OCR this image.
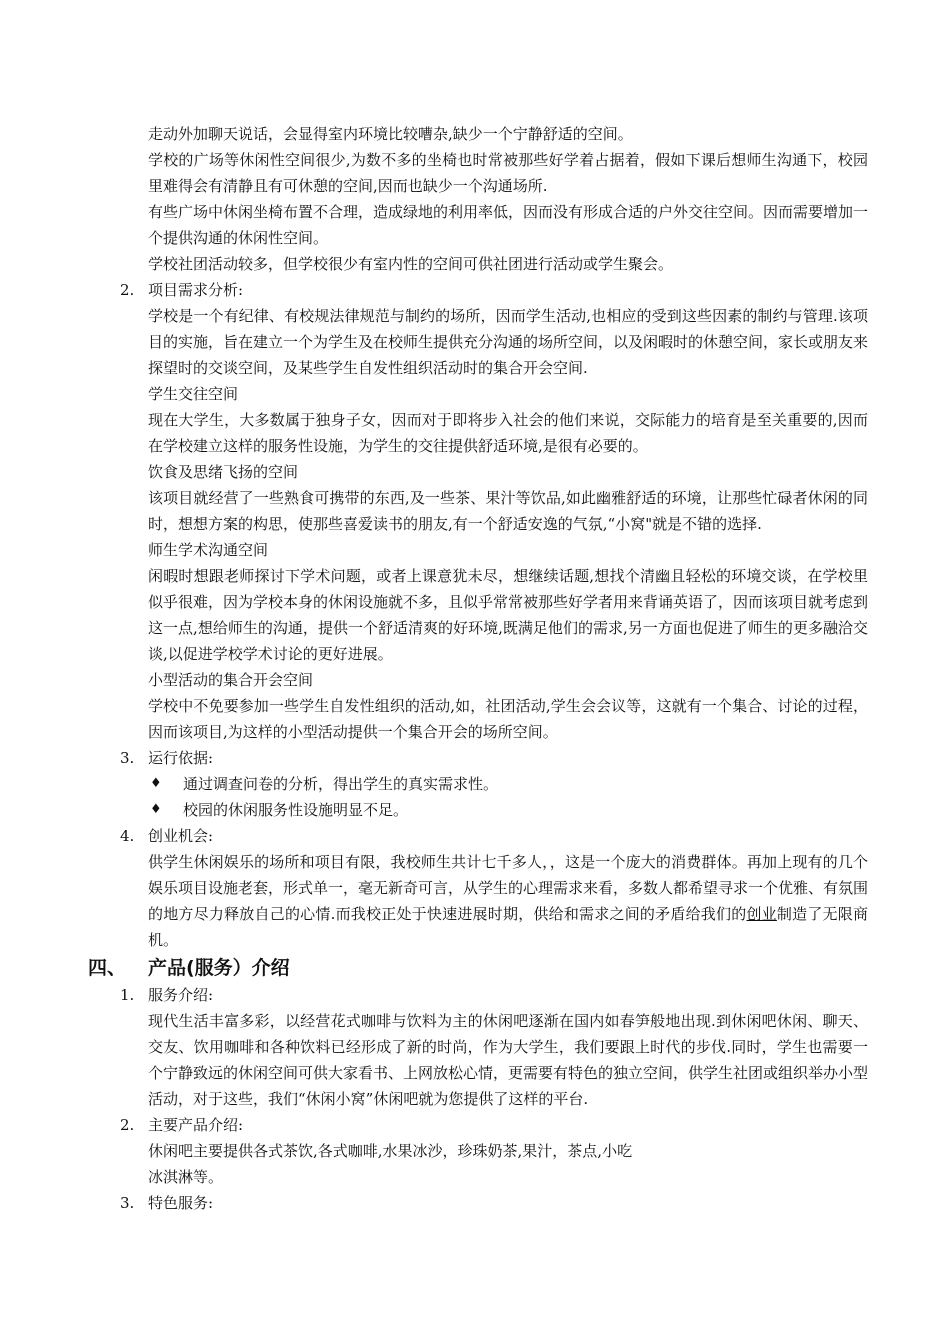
走动外加聊天说话，会显得室内环境比较嘈杂,缺少一个宁静舒适的空间。
学校的广场等休闲性空间很少,为数不多的坐椅也时常被那些好学着占据着，假如下课后想师生沟通下，校园里难得会有清静且有可休憩的空间,因而也缺少一个沟通场所.
有些广场中休闲坐椅布置不合理，造成绿地的利用率低，因而没有形成合适的户外交往空间。因而需要增加一个提供沟通的休闲性空间。
学校社团活动较多，但学校很少有室内性的空间可供社团进行活动或学生聚会。
2. 项目需求分析:
学校是一个有纪律、有校规法律规范与制约的场所，因而学生活动,也相应的受到这些因素的制约与管理.该项目的实施，旨在建立一个为学生及在校师生提供充分沟通的场所空间，以及闲暇时的休憩空间，家长或朋友来探望时的交谈空间，及某些学生自发性组织活动时的集合开会空间.
学生交往空间
现在大学生，大多数属于独身子女，因而对于即将步入社会的他们来说，交际能力的培育是至关重要的,因而在学校建立这样的服务性设施，为学生的交往提供舒适环境,是很有必要的。
饮食及思绪飞扬的空间
该项目就经营了一些熟食可携带的东西,及一些茶、果汁等饮品,如此幽雅舒适的环境，让那些忙碌者休闲的同时，想想方案的构思，使那些喜爱读书的朋友,有一个舒适安逸的气氛,“小窝"就是不错的选择.
师生学术沟通空间
闲暇时想跟老师探讨下学术问题，或者上课意犹未尽，想继续话题,想找个清幽且轻松的环境交谈，在学校里似乎很难，因为学校本身的休闲设施就不多，且似乎常常被那些好学者用来背诵英语了，因而该项目就考虑到这一点,想给师生的沟通，提供一个舒适清爽的好环境,既满足他们的需求,另一方面也促进了师生的更多融洽交谈,以促进学校学术讨论的更好进展。
小型活动的集合开会空间
学校中不免要参加一些学生自发性组织的活动,如，社团活动,学生会会议等，这就有一个集合、讨论的过程，因而该项目,为这样的小型活动提供一个集合开会的场所空间。
3. 运行依据:
♦ 通过调查问卷的分析，得出学生的真实需求性。
♦ 校园的休闲服务性设施明显不足。
4. 创业机会:
供学生休闲娱乐的场所和项目有限，我校师生共计七千多人，，这是一个庞大的消费群体。再加上现有的几个娱乐项目设施老套，形式单一，毫无新奇可言，从学生的心理需求来看，多数人都希望寻求一个优雅、有氛围的地方尽力释放自己的心情.而我校正处于快速进展时期，供给和需求之间的矛盾给我们的创业制造了无限商机。
四、 产品(服务）介绍
1. 服务介绍:
现代生活丰富多彩，以经营花式咖啡与饮料为主的休闲吧逐渐在国内如春笋般地出现.到休闲吧休闲、聊天、交友、饮用咖啡和各种饮料已经形成了新的时尚，作为大学生，我们要跟上时代的步伐.同时，学生也需要一个宁静致远的休闲空间可供大家看书、上网放松心情，更需要有特色的独立空间，供学生社团或组织举办小型活动，对于这些，我们“休闲小窝”休闲吧就为您提供了这样的平台.
2. 主要产品介绍:
休闲吧主要提供各式茶饮,各式咖啡,水果冰沙，珍珠奶茶,果汁，茶点,小吃
冰淇淋等。
3. 特色服务:
